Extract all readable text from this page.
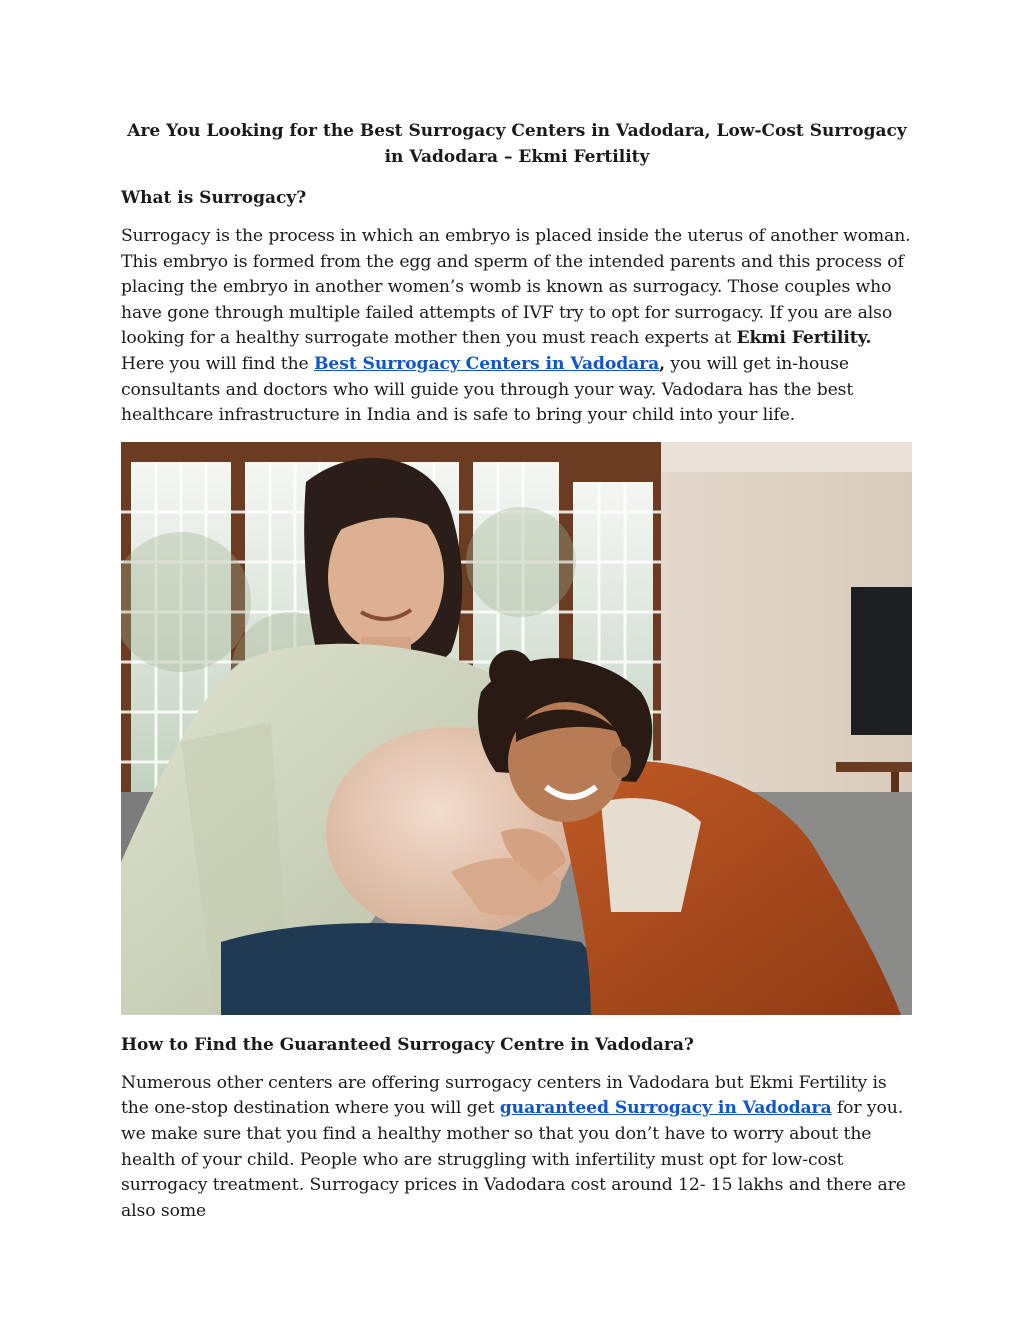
Are You Looking for the Best Surrogacy Centers in Vadodara, Low-Cost Surrogacy in Vadodara – Ekmi Fertility
What is Surrogacy?

Surrogacy is the process in which an embryo is placed inside the uterus of another woman. This embryo is formed from the egg and sperm of the intended parents and this process of placing the embryo in another women’s womb is known as surrogacy. Those couples who have gone through multiple failed attempts of IVF try to opt for surrogacy. If you are also looking for a healthy surrogate mother then you must reach experts at Ekmi Fertility. Here you will find the Best Surrogacy Centers in Vadodara, you will get in-house consultants and doctors who will guide you through your way. Vadodara has the best healthcare infrastructure in India and is safe to bring your child into your life.

How to Find the Guaranteed Surrogacy Centre in Vadodara?

Numerous other centers are offering surrogacy centers in Vadodara but Ekmi Fertility is the one-stop destination where you will get guaranteed Surrogacy in Vadodara for you. we make sure that you find a healthy mother so that you don’t have to worry about the health of your child. People who are struggling with infertility must opt for low-cost surrogacy treatment. Surrogacy prices in Vadodara cost around 12- 15 lakhs and there are also some
